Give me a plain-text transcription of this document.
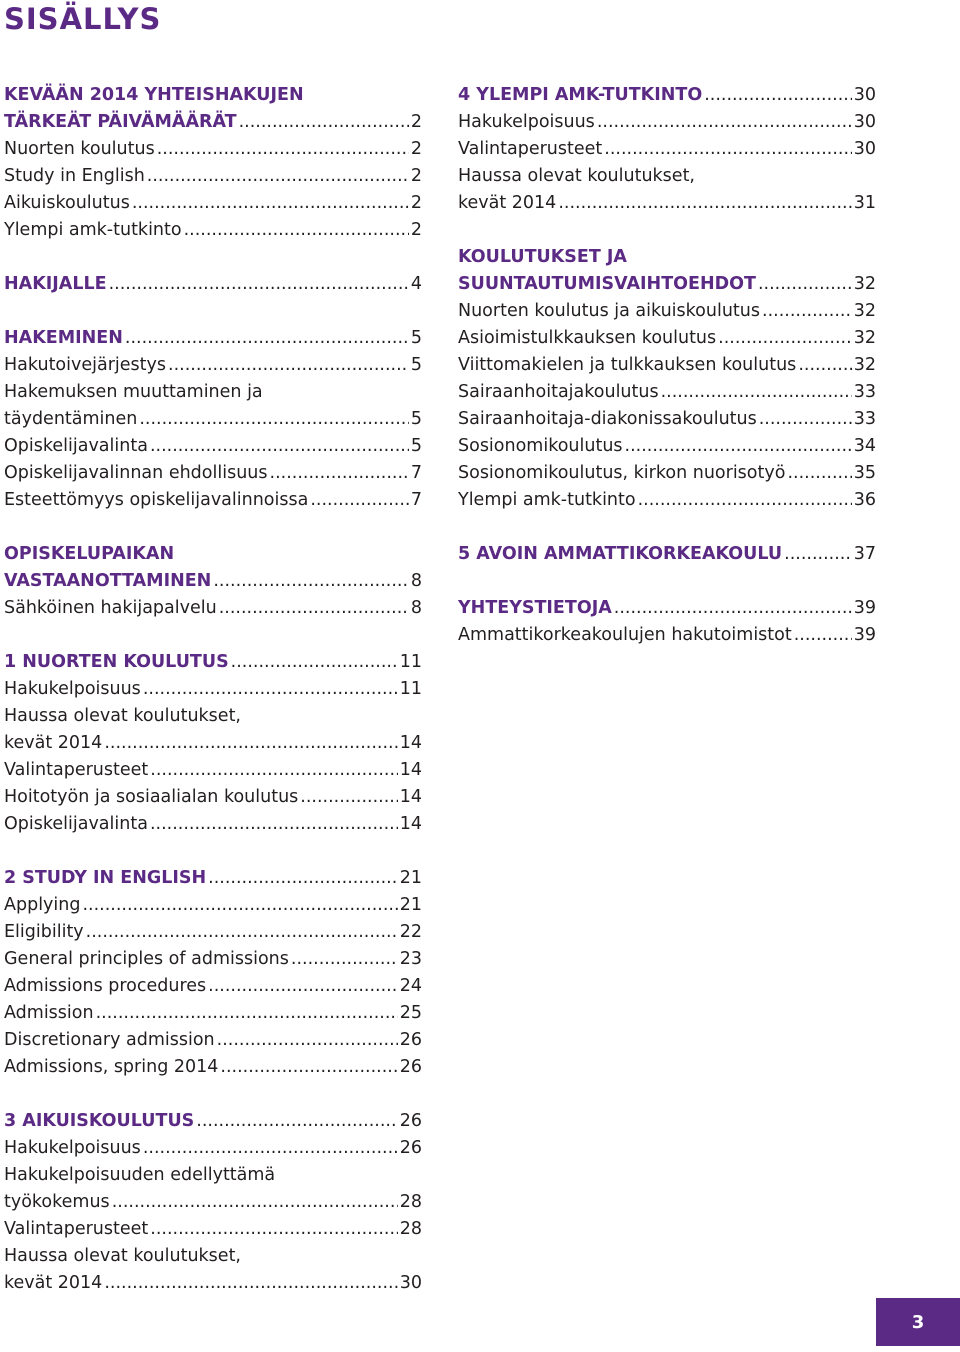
SISÄLLYS
KEVÄÄN 2014 YHTEISHAKUJEN
TÄRKEÄT PÄIVÄMÄÄRÄT .....	2
Nuorten koulutus .....	2
Study in English .....	2
Aikuiskoulutus .....	2
Ylempi amk-tutkinto .....	2
HAKIJALLE .....	4
HAKEMINEN .....	5
Hakutoivejärjestys .....	5
Hakemuksen muuttaminen ja
täydentäminen .....	5
Opiskelijavalinta .....	5
Opiskelijavalinnan ehdollisuus .....	7
Esteettömyys opiskelijavalinnoissa .....	7
OPISKELUPAIKAN
VASTAANOTTAMINEN .....	8
Sähköinen hakijapalvelu .....	8
1 NUORTEN KOULUTUS .....	11
Hakukelpoisuus .....	11
Haussa olevat koulutukset,
kevät 2014 .....	14
Valintaperusteet .....	14
Hoitotyön ja sosiaalialan koulutus .....	14
Opiskelijavalinta .....	14
2 STUDY IN ENGLISH .....	21
Applying .....	21
Eligibility .....	22
General principles of admissions .....	23
Admissions procedures .....	24
Admission .....	25
Discretionary admission .....	26
Admissions, spring 2014 .....	26
3 AIKUISKOULUTUS .....	26
Hakukelpoisuus .....	26
Hakukelpoisuuden edellyttämä
työkokemus .....	28
Valintaperusteet .....	28
Haussa olevat koulutukset,
kevät 2014 .....	30
4 YLEMPI AMK-TUTKINTO .....	30
Hakukelpoisuus .....	30
Valintaperusteet .....	30
Haussa olevat koulutukset,
kevät 2014 .....	31
KOULUTUKSET JA
SUUNTAUTUMISVAIHTOEHDOT .....	32
Nuorten koulutus ja aikuiskoulutus .....	32
Asioimistulkkauksen koulutus .....	32
Viittomakielen ja tulkkauksen koulutus .....	32
Sairaanhoitajakoulutus .....	33
Sairaanhoitaja-diakonissakoulutus .....	33
Sosionomikoulutus .....	34
Sosionomikoulutus, kirkon nuorisotyö .....	35
Ylempi amk-tutkinto .....	36
5 AVOIN AMMATTIKORKEAKOULU .....	37
YHTEYSTIETOJA .....	39
Ammattikorkeakoulujen hakutoimistot .....	39
3
